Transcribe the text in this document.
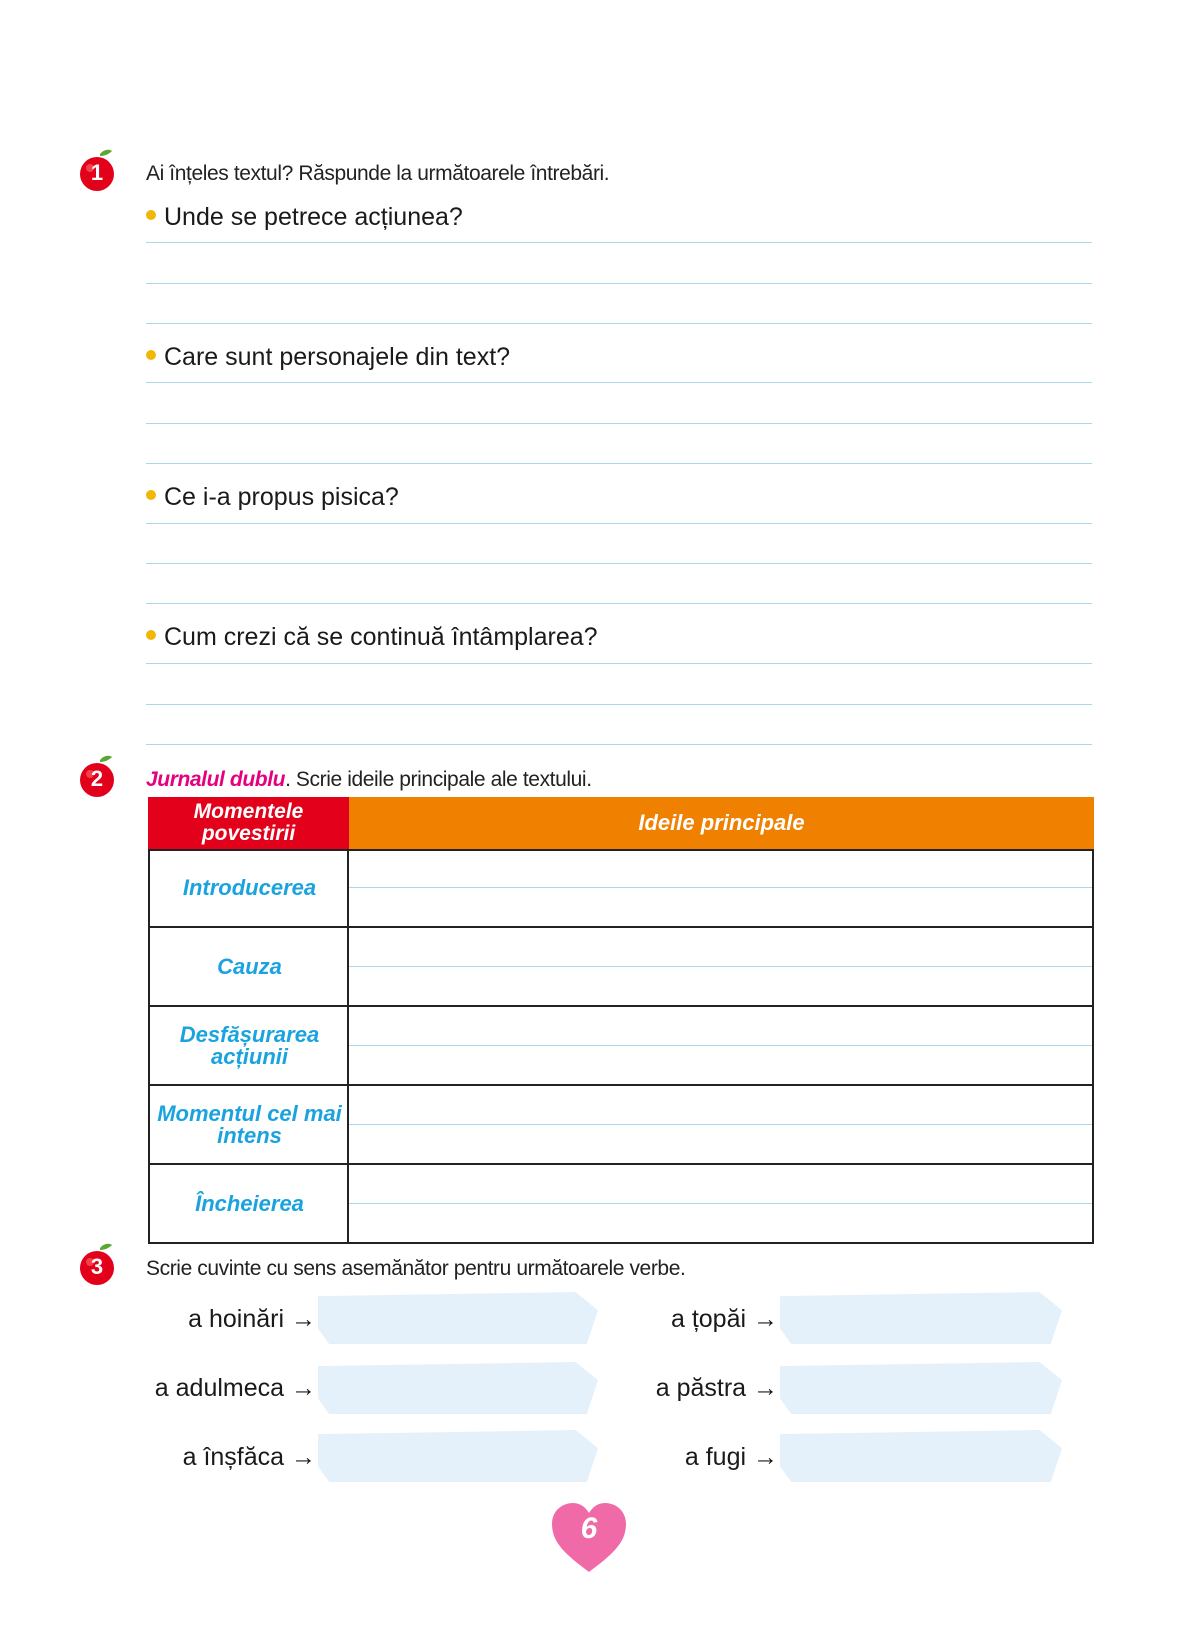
1	Ai înțeles textul? Răspunde la următoarele întrebări.
Unde se petrece acțiunea?
Care sunt personajele din text?
Ce i-a propus pisica?
Cum crezi că se continuă întâmplarea?
2	Jurnalul dublu. Scrie ideile principale ale textului.
Momentele povestirii	Ideile principale
Introducerea
Cauza
Desfășurarea acțiunii
Momentul cel mai intens
Încheierea
3	Scrie cuvinte cu sens asemănător pentru următoarele verbe.
a hoinări →
a adulmeca →
a înșfăca →
a țopăi →
a păstra →
a fugi →
6
